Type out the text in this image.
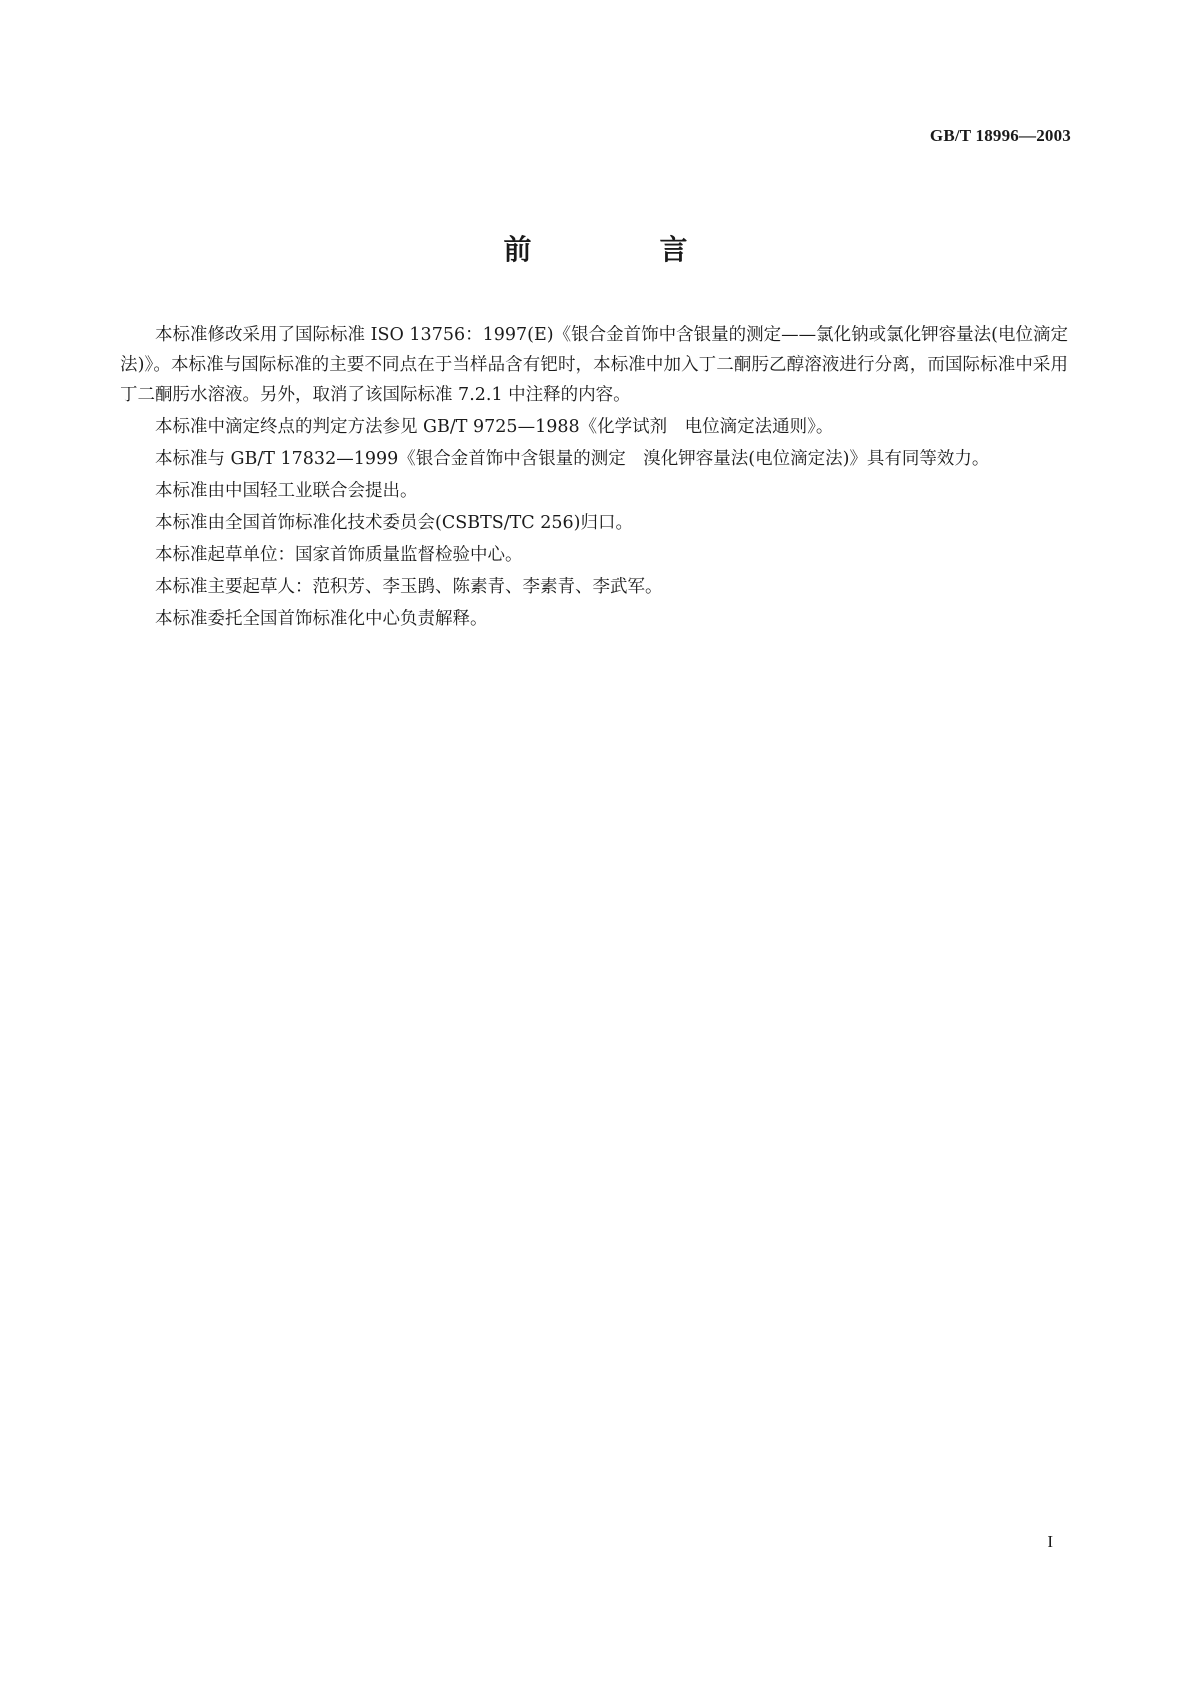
GB/T 18996—2003
前　言

本标准修改采用了国际标准 ISO 13756：1997(E)《银合金首饰中含银量的测定——氯化钠或氯化钾容量法(电位滴定法)》。本标准与国际标准的主要不同点在于当样品含有钯时，本标准中加入丁二酮肟乙醇溶液进行分离，而国际标准中采用丁二酮肟水溶液。另外，取消了该国际标准 7.2.1 中注释的内容。

本标准中滴定终点的判定方法参见 GB/T 9725—1988《化学试剂　电位滴定法通则》。

本标准与 GB/T 17832—1999《银合金首饰中含银量的测定　溴化钾容量法(电位滴定法)》具有同等效力。

本标准由中国轻工业联合会提出。

本标准由全国首饰标准化技术委员会(CSBTS/TC 256)归口。

本标准起草单位：国家首饰质量监督检验中心。

本标准主要起草人：范积芳、李玉鹍、陈素青、李素青、李武军。

本标准委托全国首饰标准化中心负责解释。

I
